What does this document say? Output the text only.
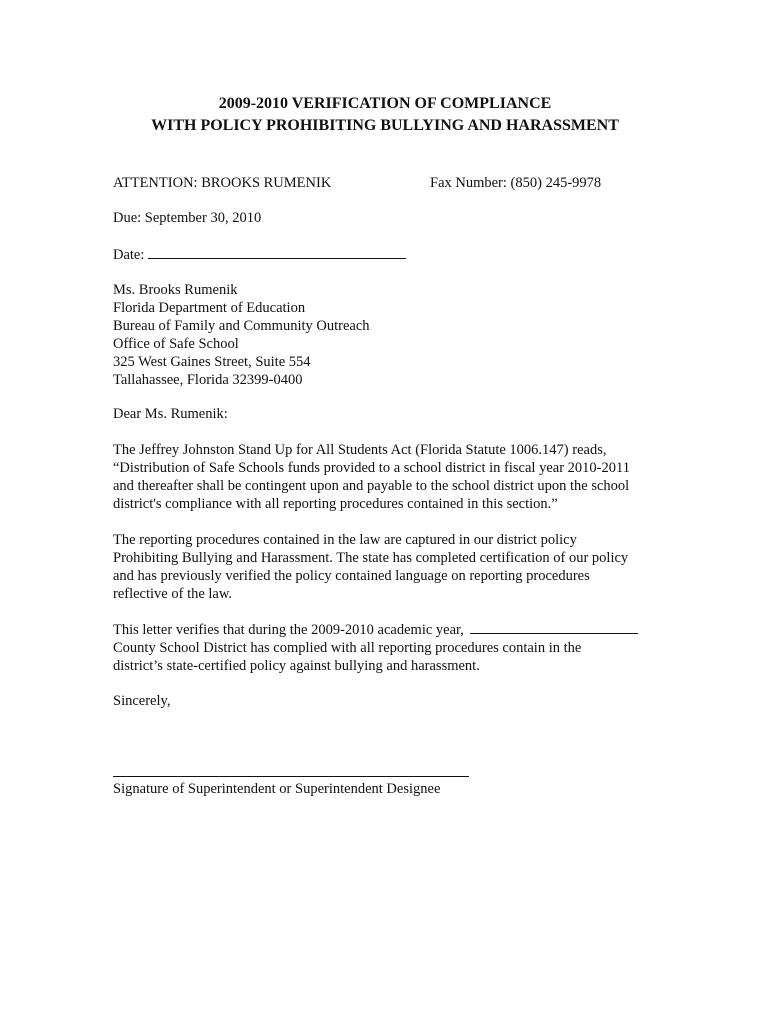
2009-2010 VERIFICATION OF COMPLIANCE
WITH POLICY PROHIBITING BULLYING AND HARASSMENT
ATTENTION: BROOKS RUMENIK	Fax Number: (850) 245-9978
Due: September 30, 2010
Date:
Ms. Brooks Rumenik
Florida Department of Education
Bureau of Family and Community Outreach
Office of Safe School
325 West Gaines Street, Suite 554
Tallahassee, Florida 32399-0400
Dear Ms. Rumenik:
The Jeffrey Johnston Stand Up for All Students Act (Florida Statute 1006.147) reads,
“Distribution of Safe Schools funds provided to a school district in fiscal year 2010-2011
and thereafter shall be contingent upon and payable to the school district upon the school
district's compliance with all reporting procedures contained in this section.”
The reporting procedures contained in the law are captured in our district policy
Prohibiting Bullying and Harassment. The state has completed certification of our policy
and has previously verified the policy contained language on reporting procedures
reflective of the law.
This letter verifies that during the 2009-2010 academic year,
County School District has complied with all reporting procedures contain in the
district’s state-certified policy against bullying and harassment.
Sincerely,
Signature of Superintendent or Superintendent Designee
